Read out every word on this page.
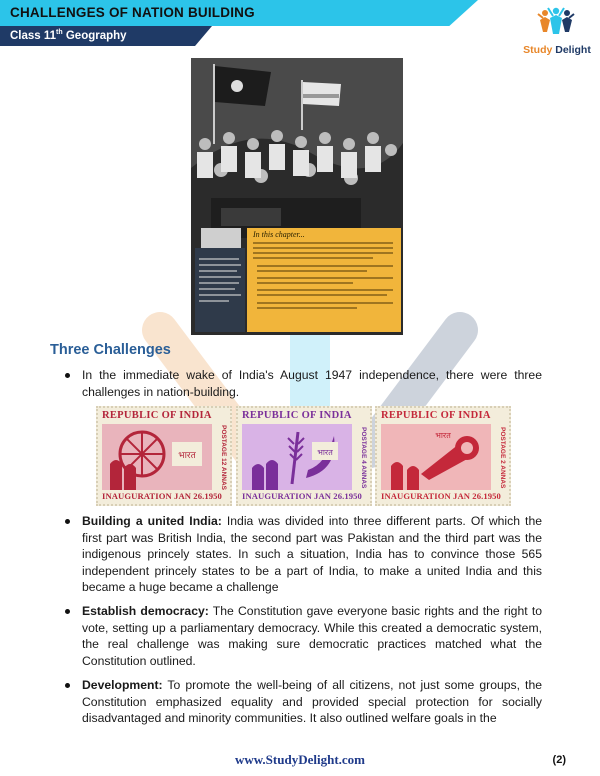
CHALLENGES OF NATION BUILDING
Class 11th Geography
Study Delight
In this chapter...
Three Challenges
In the immediate wake of India's August 1947 independence, there were three challenges in nation-building.
REPUBLIC OF INDIA
भारत	POSTAGE 12 ANNAS
INAUGURATION JAN 26.1950
REPUBLIC OF INDIA
भारत	POSTAGE 4 ANNAS
INAUGURATION JAN 26.1950
REPUBLIC OF INDIA
भारत	POSTAGE 2 ANNAS
INAUGURATION JAN 26.1950
Building a united India: India was divided into three different parts. Of which the first part was British India, the second part was Pakistan and the third part was the indigenous princely states. In such a situation, India has to convince those 565 independent princely states to be a part of India, to make a united India and this became a huge became a challenge
Establish democracy: The Constitution gave everyone basic rights and the right to vote, setting up a parliamentary democracy. While this created a democratic system, the real challenge was making sure democratic practices matched what the Constitution outlined.
Development: To promote the well-being of all citizens, not just some groups, the Constitution emphasized equality and provided special protection for socially disadvantaged and minority communities. It also outlined welfare goals in the
www.StudyDelight.com	(2)
